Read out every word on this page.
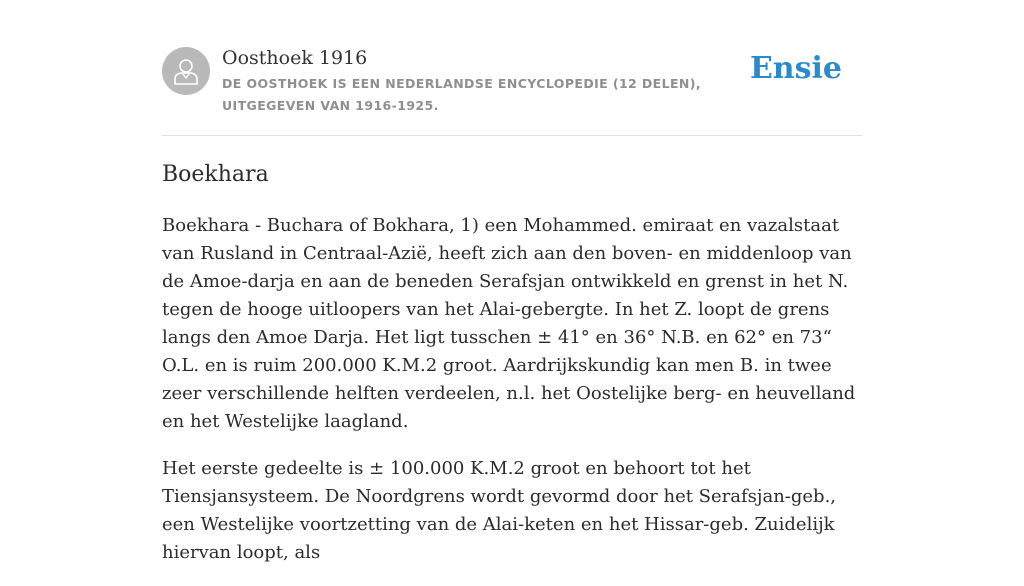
Oosthoek 1916
DE OOSTHOEK IS EEN NEDERLANDSE ENCYCLOPEDIE (12 DELEN), UITGEGEVEN VAN 1916-1925.
Ensie
Boekhara

Boekhara - Buchara of Bokhara, 1) een Mohammed. emiraat en vazalstaat van Rusland in Centraal-Azië, heeft zich aan den boven- en middenloop van de Amoe-darja en aan de beneden Serafsjan ontwikkeld en grenst in het N. tegen de hooge uitloopers van het Alai-gebergte. In het Z. loopt de grens langs den Amoe Darja. Het ligt tusschen ± 41° en 36° N.B. en 62° en 73“ O.L. en is ruim 200.000 K.M.2 groot. Aardrijkskundig kan men B. in twee zeer verschillende helften verdeelen, n.l. het Oostelijke berg- en heuvelland en het Westelijke laagland.

Het eerste gedeelte is ± 100.000 K.M.2 groot en behoort tot het Tiensjansysteem. De Noordgrens wordt gevormd door het Serafsjan-geb., een Westelijke voortzetting van de Alai-keten en het Hissar-geb. Zuidelijk hiervan loopt, als
